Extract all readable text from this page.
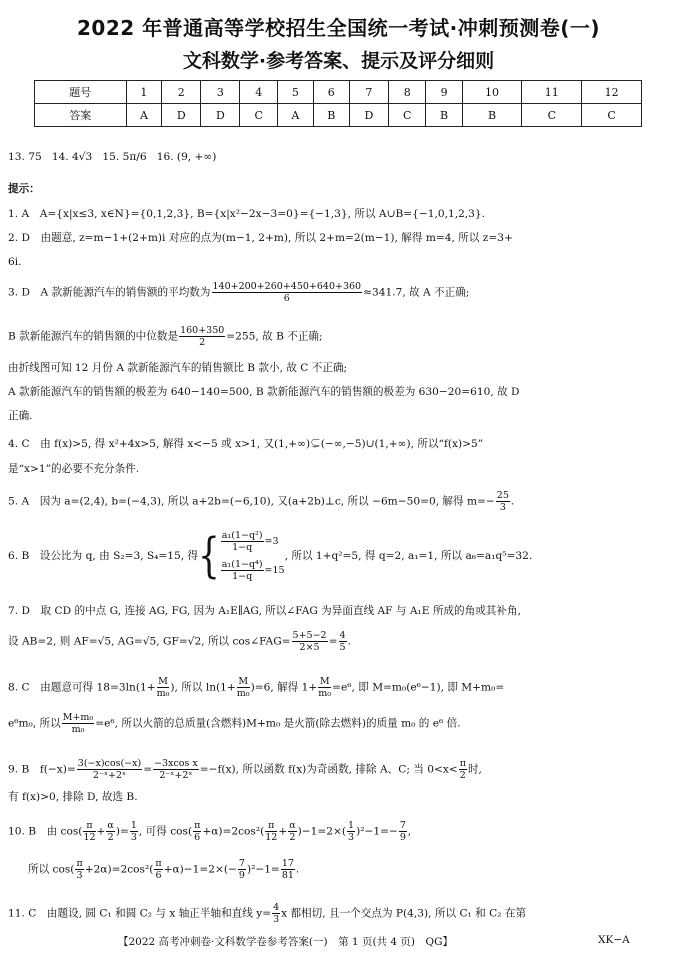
2022 年普通高等学校招生全国统一考试·冲刺预测卷(一)
文科数学·参考答案、提示及评分细则
题号	1	2	3	4	5	6	7	8	9	10	11	12
答案	A	D	D	C	A	B	D	C	B	B	C	C
13. 75 14. 4√3 15. 5π/6 16. (9, +∞)
提示：
1. A　A={x|x≤3, x∈N}={0,1,2,3}, B={x|x²−2x−3=0}={−1,3}, 所以 A∪B={−1,0,1,2,3}.
2. D　由题意, z=m−1+(2+m)i 对应的点为(m−1, 2+m), 所以 2+m=2(m−1), 解得 m=4, 所以 z=3+
6i.
3. D　A 款新能源汽车的销售额的平均数为 $\frac{140+200+260+450+640+360}{6} \approx 341.7$, 故 A 不正确;
B 款新能源汽车的销售额的中位数是 $\frac{160+350}{2} =255$, 故 B 不正确;
由折线图可知 12 月份 A 款新能源汽车的销售额比 B 款小, 故 C 不正确;
A 款新能源汽车的销售额的极差为 640−140=500, B 款新能源汽车的销售额的极差为 630−20=610, 故 D
正确.
4. C　由 f(x)>5, 得 x²+4x>5, 解得 x<−5 或 x>1, 又(1,+∞)⊊(−∞,−5)∪(1,+∞), 所以“f(x)>5”
是“x>1”的必要不充分条件.
5. A　因为 a=(2,4), b=(−4,3), 所以 a+2b=(−6,10), 又(a+2b)⊥c, 所以 −6m−50=0, 解得 $m=- \frac{25}{3}$ .
6. B　设公比为 q, 由 S₂=3, S₄=15, 得{ $\frac{\text{a₁(1−q²)}}{1-q} =3$
$\frac{\text{a₁(1−q⁴)}}{1-q} =15$
, 所以 1+q²=5, 得 q=2, a₁=1, 所以 a₆=a₁q⁵=32.
7. D　取 CD 的中点 G, 连接 AG, FG, 因为 A₁E∥AG, 所以∠FAG 为异面直线 AF 与 A₁E 所成的角或其补角,
设 AB=2, 则 AF=√5, AG=√5, GF=√2, 所以 cos∠FAG= $\frac{5+5-2}{2\times 5} = \frac{4}{5}$ .
8. C　由题意可得 $18=3\ln(1+ \frac{M}{\text{m₀}}$ ), 所以 $\ln(1+ \frac{M}{\text{m₀}} )=6$, 解得 $1+ \frac{M}{\text{m₀}} =e^6$, 即 M=m₀(e⁶−1), 即 M+m₀=
e⁶m₀, 所以 $\frac{\text{M+m₀}}{\text{m₀}} =e^6$, 所以火箭的总质量(含燃料)M+m₀ 是火箭(除去燃料)的质量 m₀ 的 e⁶ 倍.
9. B　$f(-x)= \frac{3(-x)\cos(-x)}{\text{2⁻ˣ+2ˣ}} = \frac{\text{−3xcos x}}{\text{2⁻ˣ+2ˣ}} =-f(x)$, 所以函数 f(x)为奇函数, 排除 A、C; 当 $0<x< \frac{\pi}{2}$ 时,
有 f(x)>0, 排除 D, 故选 B.
10. B　由 $\cos( \frac{\pi}{12} + \frac{\alpha}{2}$ )= $\frac{1}{3}$ , 可得 $\cos( \frac{\pi}{6} +\alpha)=2\cos^2( \frac{\pi}{12} + \frac{\alpha}{2} )-1=2\times( \frac{1}{3} )^2-1=- \frac{7}{9}$ ,
所以 $\cos( \frac{\pi}{3} +2\alpha)=2\cos^2( \frac{\pi}{6} +\alpha)-1=2\times(- \frac{7}{9} )^2-1= \frac{17}{81}$ .
11. C　由题设, 圆 C₁ 和圆 C₂ 与 x 轴正半轴和直线 $y= \frac{4}{3}$ x 都相切, 且一个交点为 P(4,3), 所以 C₁ 和 C₂ 在第
【2022 高考冲刺卷·文科数学卷参考答案(一)　第 1 页(共 4 页)　QG】	XK−A
